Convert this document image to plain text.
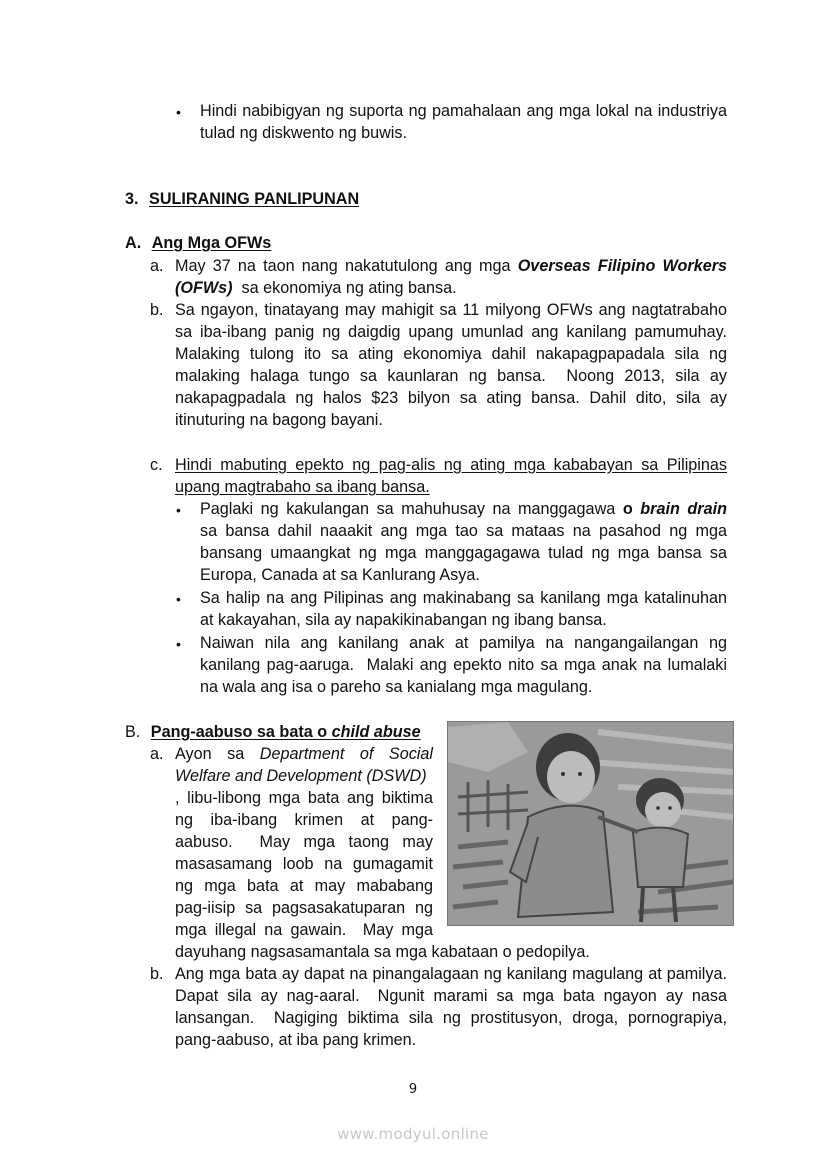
• Hindi nabibigyan ng suporta ng pamahalaan ang mga lokal na industriya
tulad ng diskwento ng buwis.
3. SULIRANING PANLIPUNAN
A. Ang Mga OFWs
a. May 37 na taon nang nakatutulong ang mga Overseas Filipino Workers
(OFWs)  sa ekonomiya ng ating bansa.
b. Sa ngayon, tinatayang may mahigit sa 11 milyong OFWs ang nagtatrabaho
sa iba-ibang panig ng daigdig upang umunlad ang kanilang pamumuhay.
Malaking tulong ito sa ating ekonomiya dahil nakapagpapadala sila ng
malaking halaga tungo sa kaunlaran ng bansa.  Noong 2013, sila ay
nakapagpadala ng halos $23 bilyon sa ating bansa. Dahil dito, sila ay
itinuturing na bagong bayani.
c. Hindi mabuting epekto ng pag-alis ng ating mga kababayan sa Pilipinas
upang magtrabaho sa ibang bansa.
• Paglaki ng kakulangan sa mahuhusay na manggagawa o brain drain
sa bansa dahil naaakit ang mga tao sa mataas na pasahod ng mga
bansang umaangkat ng mga manggagagawa tulad ng mga bansa sa
Europa, Canada at sa Kanlurang Asya.
• Sa halip na ang Pilipinas ang makinabang sa kanilang mga katalinuhan
at kakayahan, sila ay napakikinabangan ng ibang bansa.
• Naiwan nila ang kanilang anak at pamilya na nangangailangan ng
kanilang pag-aaruga.  Malaki ang epekto nito sa mga anak na lumalaki
na wala ang isa o pareho sa kanialang mga magulang.
B. Pang-aabuso sa bata o child abuse
a. Ayon sa Department of Social
Welfare and Development (DSWD)
, libu-libong mga bata ang biktima
ng iba-ibang krimen at pang-
aabuso.  May mga taong may
masasamang loob na gumagamit
ng mga bata at may mababang
pag-iisip sa pagsasakatuparan ng
mga illegal na gawain.  May mga
dayuhang nagsasamantala sa mga kabataan o pedopilya.
b. Ang mga bata ay dapat na pinangalagaan ng kanilang magulang at pamilya.
Dapat sila ay nag-aaral.  Ngunit marami sa mga bata ngayon ay nasa
lansangan.  Nagiging biktima sila ng prostitusyon, droga, pornograpiya,
pang-aabuso, at iba pang krimen.
9
www.modyul.online
